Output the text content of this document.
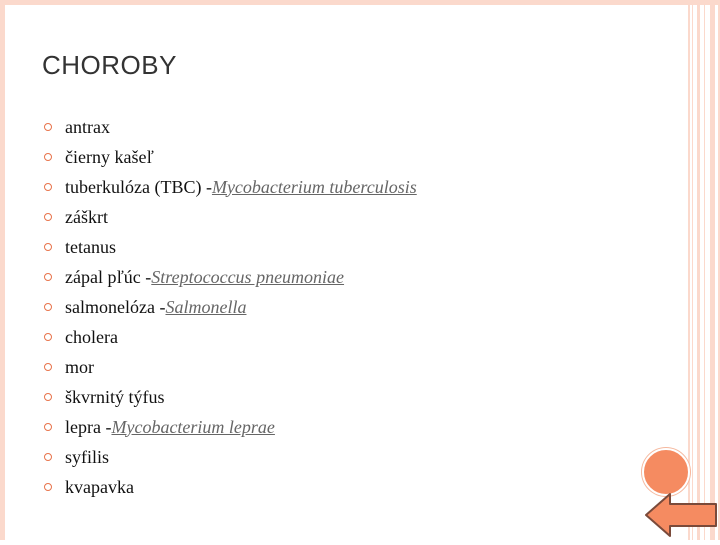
CHOROBY
antrax
čierny kašeľ
tuberkulóza (TBC) - Mycobacterium tuberculosis
záškrt
tetanus
zápal pľúc - Streptococcus pneumoniae
salmonelóza - Salmonella
cholera
mor
škvrnitý týfus
lepra - Mycobacterium leprae
syfilis
kvapavka
